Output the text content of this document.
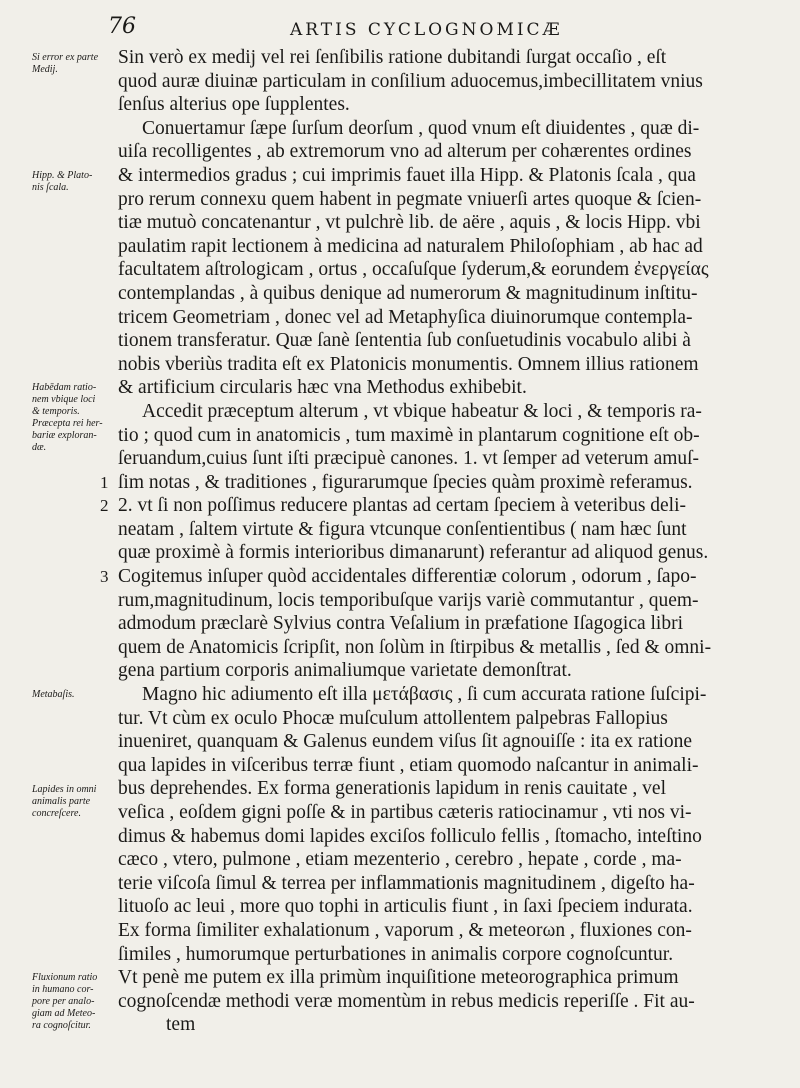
76	ARTIS CYCLOGNOMICÆ
Sin verò ex medij vel rei ſenſibilis ratione dubitandi ſurgat occaſio , eſt
quod auræ diuinæ particulam in conſilium aduocemus,imbecillitatem vnius
ſenſus alterius ope ſupplentes.
Conuertamur ſæpe ſurſum deorſum , quod vnum eſt diuidentes , quæ di-
uiſa recolligentes , ab extremorum vno ad alterum per cohærentes ordines
& intermedios gradus ; cui imprimis fauet illa Hipp. & Platonis ſcala , qua
pro rerum connexu quem habent in pegmate vniuerſi artes quoque & ſcien-
tiæ mutuò concatenantur , vt pulchrè lib. de aëre , aquis , & locis Hipp. vbi
paulatim rapit lectionem à medicina ad naturalem Philoſophiam , ab hac ad
facultatem aſtrologicam , ortus , occaſuſque ſyderum,& eorundem ἐνεργείας
contemplandas , à quibus denique ad numerorum & magnitudinum inſtitu-
tricem Geometriam , donec vel ad Metaphyſica diuinorumque contempla-
tionem transferatur. Quæ ſanè ſententia ſub conſuetudinis vocabulo alibi à
nobis vberiùs tradita eſt ex Platonicis monumentis. Omnem illius rationem
& artificium circularis hæc vna Methodus exhibebit.
Accedit præceptum alterum , vt vbique habeatur & loci , & temporis ra-
tio ; quod cum in anatomicis , tum maximè in plantarum cognitione eſt ob-
ſeruandum,cuius ſunt iſti præcipuè canones. 1. vt ſemper ad veterum amuſ-
ſim notas , & traditiones , figurarumque ſpecies quàm proximè referamus.
2. vt ſi non poſſimus reducere plantas ad certam ſpeciem à veteribus deli-
neatam , ſaltem virtute & figura vtcunque conſentientibus ( nam hæc ſunt
quæ proximè à formis interioribus dimanarunt) referantur ad aliquod genus.
Cogitemus inſuper quòd accidentales differentiæ colorum , odorum , ſapo-
rum,magnitudinum, locis temporibuſque varijs variè commutantur , quem-
admodum præclarè Sylvius contra Veſalium in præfatione Iſagogica libri
quem de Anatomicis ſcripſit, non ſolùm in ſtirpibus & metallis , ſed & omni-
gena partium corporis animaliumque varietate demonſtrat.
Magno hic adiumento eſt illa μετάβασις , ſi cum accurata ratione ſuſcipi-
tur. Vt cùm ex oculo Phocæ muſculum attollentem palpebras Fallopius
inueniret, quanquam & Galenus eundem viſus ſit agnouiſſe : ita ex ratione
qua lapides in viſceribus terræ fiunt , etiam quomodo naſcantur in animali-
bus deprehendes. Ex forma generationis lapidum in renis cauitate , vel
veſica , eoſdem gigni poſſe & in partibus cæteris ratiocinamur , vti nos vi-
dimus & habemus domi lapides exciſos folliculo fellis , ſtomacho, inteſtino
cæco , vtero, pulmone , etiam mezenterio , cerebro , hepate , corde , ma-
terie viſcoſa ſimul & terrea per inflammationis magnitudinem , digeſto ha-
lituoſo ac leui , more quo tophi in articulis fiunt , in ſaxi ſpeciem indurata.
Ex forma ſimiliter exhalationum , vaporum , & meteorωn , fluxiones con-
ſimiles , humorumque perturbationes in animalis corpore cognoſcuntur.
Vt penè me putem ex illa primùm inquiſitione meteorographica primum
cognoſcendæ methodi veræ momentùm in rebus medicis reperiſſe . Fit au-
tem
Si error ex parte
Medij.
Hipp. & Plato-
nis ſcala.
Habēdam ratio-
nem vbique loci
& temporis.
Præcepta rei her-
bariæ exploran-
dæ.
Metabaſis.
Lapides in omni
animalis parte
concreſcere.
Fluxionum ratio
in humano cor-
pore per analo-
giam ad Meteo-
ra cognoſcitur.
1
2
3
